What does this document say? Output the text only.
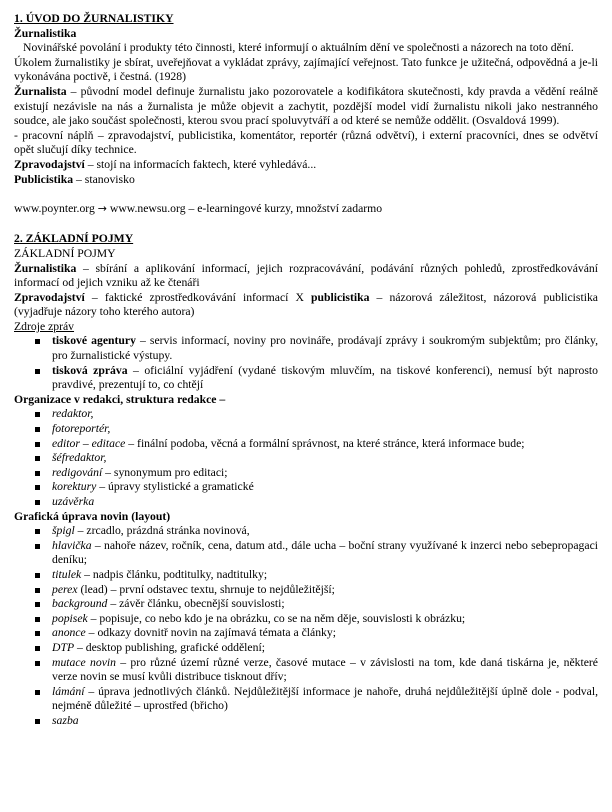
1. ÚVOD DO ŽURNALISTIKY
Žurnalistika

Novinářské povolání i produkty této činnosti, které informují o aktuálním dění ve společnosti a názorech na toto dění.

Úkolem žurnalistiky je sbírat, uveřejňovat a vykládat zprávy, zajímající veřejnost. Tato funkce je užitečná, odpovědná a je-li vykonávána poctivě, i čestná. (1928)

Žurnalista – původní model definuje žurnalistu jako pozorovatele a kodifikátora skutečnosti, kdy pravda a vědění reálně existují nezávisle na nás a žurnalista je může objevit a zachytit, pozdější model vidí žurnalistu nikoli jako nestranného soudce, ale jako součást společnosti, kterou svou prací spoluvytváří a od které se nemůže oddělit. (Osvaldová 1999).

- pracovní náplň – zpravodajství, publicistika, komentátor, reportér (různá odvětví), i externí pracovníci, dnes se odvětví opět slučují díky technice.

Zpravodajství – stojí na informacích faktech, které vyhledává...

Publicistika – stanovisko

www.poynter.org → www.newsu.org – e-learningové kurzy, množství zadarmo

2. ZÁKLADNÍ POJMY
ZÁKLADNÍ POJMY

Žurnalistika – sbírání a aplikování informací, jejich rozpracovávání, podávání různých pohledů, zprostředkovávání informací od jejich vzniku až ke čtenáři

Zpravodajství – faktické zprostředkovávání informací X publicistika – názorová záležitost, názorová publicistika (vyjadřuje názory toho kterého autora)

Zdroje zpráv
tiskové agentury – servis informací, noviny pro novináře, prodávají zprávy i soukromým subjektům; pro články, pro žurnalistické výstupy.
tisková zpráva – oficiální vyjádření (vydané tiskovým mluvčím, na tiskové konferenci), nemusí být naprosto pravdivé, prezentují to, co chtějí
Organizace v redakci, struktura redakce –
redaktor,
fotoreportér,
editor – editace – finální podoba, věcná a formální správnost, na které stránce, která informace bude;
šéfredaktor,
redigování – synonymum pro editaci;
korektury – úpravy stylistické a gramatické
uzávěrka
Grafická úprava novin (layout)
špigl – zrcadlo, prázdná stránka novinová,
hlavička – nahoře název, ročník, cena, datum atd., dále ucha – boční strany využívané k inzerci nebo sebepropagaci deníku;
titulek – nadpis článku, podtitulky, nadtitulky;
perex (lead) – první odstavec textu, shrnuje to nejdůležitější;
background – závěr článku, obecnější souvislosti;
popisek – popisuje, co nebo kdo je na obrázku, co se na něm děje, souvislosti k obrázku;
anonce – odkazy dovnitř novin na zajímavá témata a články;
DTP – desktop publishing, grafické oddělení;
mutace novin – pro různé území různé verze, časové mutace – v závislosti na tom, kde daná tiskárna je, některé verze novin se musí kvůli distribuce tisknout dřív;
lámání – úprava jednotlivých článků. Nejdůležitější informace je nahoře, druhá nejdůležitější úplně dole - podval, nejméně důležité – uprostřed (břicho)
sazba
